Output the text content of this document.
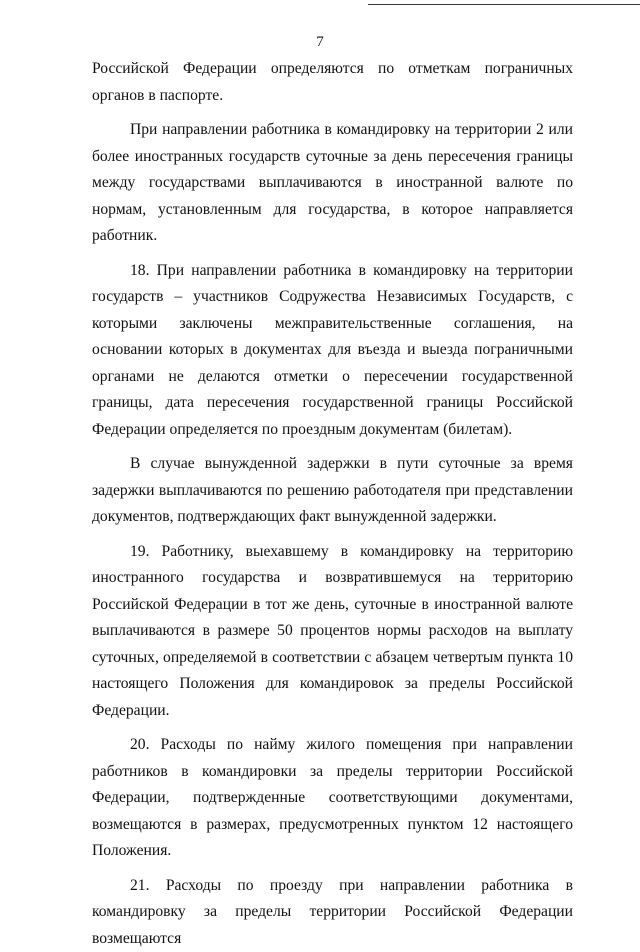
7

Российской Федерации определяются по отметкам пограничных органов в паспорте.

При направлении работника в командировку на территории 2 или более иностранных государств суточные за день пересечения границы между государствами выплачиваются в иностранной валюте по нормам, установленным для государства, в которое направляется работник.

18. При направлении работника в командировку на территории государств – участников Содружества Независимых Государств, с которыми заключены межправительственные соглашения, на основании которых в документах для въезда и выезда пограничными органами не делаются отметки о пересечении государственной границы, дата пересечения государственной границы Российской Федерации определяется по проездным документам (билетам).

В случае вынужденной задержки в пути суточные за время задержки выплачиваются по решению работодателя при представлении документов, подтверждающих факт вынужденной задержки.

19. Работнику, выехавшему в командировку на территорию иностранного государства и возвратившемуся на территорию Российской Федерации в тот же день, суточные в иностранной валюте выплачиваются в размере 50 процентов нормы расходов на выплату суточных, определяемой в соответствии с абзацем четвертым пункта 10 настоящего Положения для командировок за пределы Российской Федерации.

20. Расходы по найму жилого помещения при направлении работников в командировки за пределы территории Российской Федерации, подтвержденные соответствующими документами, возмещаются в размерах, предусмотренных пунктом 12 настоящего Положения.

21. Расходы по проезду при направлении работника в командировку за пределы территории Российской Федерации возмещаются
